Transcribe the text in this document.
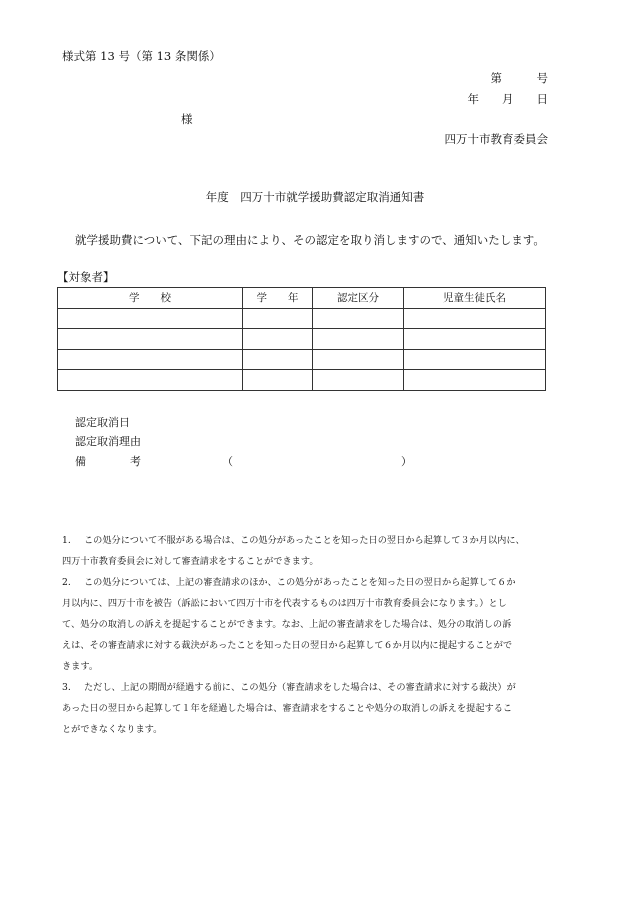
様式第 13 号（第 13 条関係）
第　　　号
年　　月　　日
様
四万十市教育委員会
年度　四万十市就学援助費認定取消通知書
就学援助費について、下記の理由により、その認定を取り消しますので、通知いたします。
【対象者】
学　　校	学　　年	認定区分	児童生徒氏名

認定取消日
認定取消理由
備　　　　考	（	）
1. この処分について不服がある場合は、この処分があったことを知った日の翌日から起算して３か月以内に、
四万十市教育委員会に対して審査請求をすることができます。
2. この処分については、上記の審査請求のほか、この処分があったことを知った日の翌日から起算して６か
月以内に、四万十市を被告（訴訟において四万十市を代表するものは四万十市教育委員会になります。）とし
て、処分の取消しの訴えを提起することができます。なお、上記の審査請求をした場合は、処分の取消しの訴
えは、その審査請求に対する裁決があったことを知った日の翌日から起算して６か月以内に提起することがで
きます。
3. ただし、上記の期間が経過する前に、この処分（審査請求をした場合は、その審査請求に対する裁決）が
あった日の翌日から起算して１年を経過した場合は、審査請求をすることや処分の取消しの訴えを提起するこ
とができなくなります。
